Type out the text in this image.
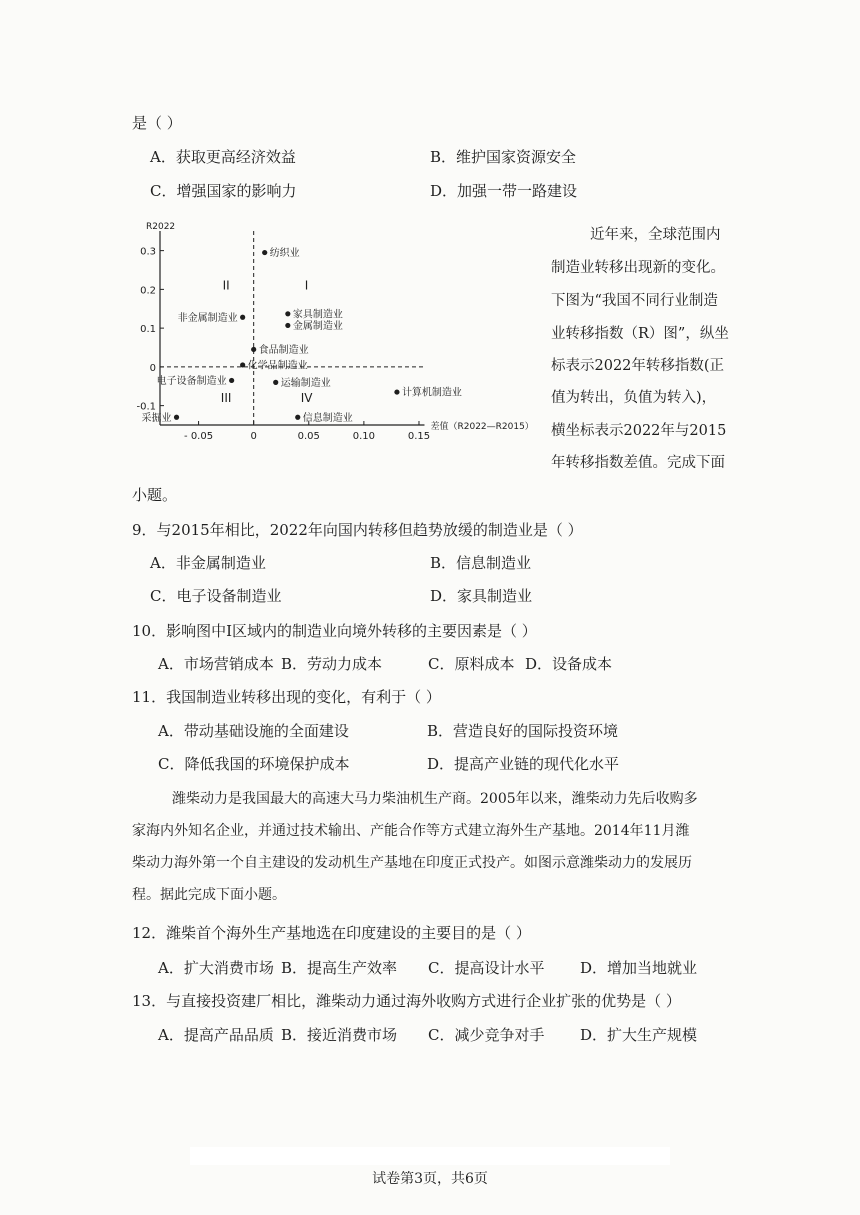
是（ ）
A．获取更高经济效益	B．维护国家资源安全
C．增强国家的影响力	D．加强一带一路建设
R2022
0.3
0.2
0.1
0
-0.1
- 0.05	0	0.05	0.10	0.15
差值（R2022—R2015）
I
II
III	IV
纺织业
非金属制造业	家具制造业
金属制造业
食品制造业
化学品制造业
电子设备制造业	运输制造业
计算机制造业
采掘业	信息制造业
近年来，全球范围内
制造业转移出现新的变化。
下图为“我国不同行业制造
业转移指数（R）图”，纵坐
标表示2022年转移指数(正
值为转出，负值为转入)，
横坐标表示2022年与2015
年转移指数差值。完成下面
小题。
9．与2015年相比，2022年向国内转移但趋势放缓的制造业是（ ）
A．非金属制造业	B．信息制造业
C．电子设备制造业	D．家具制造业
10．影响图中Ⅰ区域内的制造业向境外转移的主要因素是（ ）
A．市场营销成本 B．劳动力成本	C．原料成本 D．设备成本
11．我国制造业转移出现的变化，有利于（ ）
A．带动基础设施的全面建设	B．营造良好的国际投资环境
C．降低我国的环境保护成本	D．提高产业链的现代化水平
潍柴动力是我国最大的高速大马力柴油机生产商。2005年以来，潍柴动力先后收购多
家海内外知名企业，并通过技术输出、产能合作等方式建立海外生产基地。2014年11月潍
柴动力海外第一个自主建设的发动机生产基地在印度正式投产。如图示意潍柴动力的发展历
程。据此完成下面小题。
12．潍柴首个海外生产基地选在印度建设的主要目的是（ ）
A．扩大消费市场 B．提高生产效率 C．提高设计水平 D．增加当地就业
13．与直接投资建厂相比，潍柴动力通过海外收购方式进行企业扩张的优势是（ ）
A．提高产品品质 B．接近消费市场 C．减少竞争对手 D．扩大生产规模
试卷第3页，共6页
